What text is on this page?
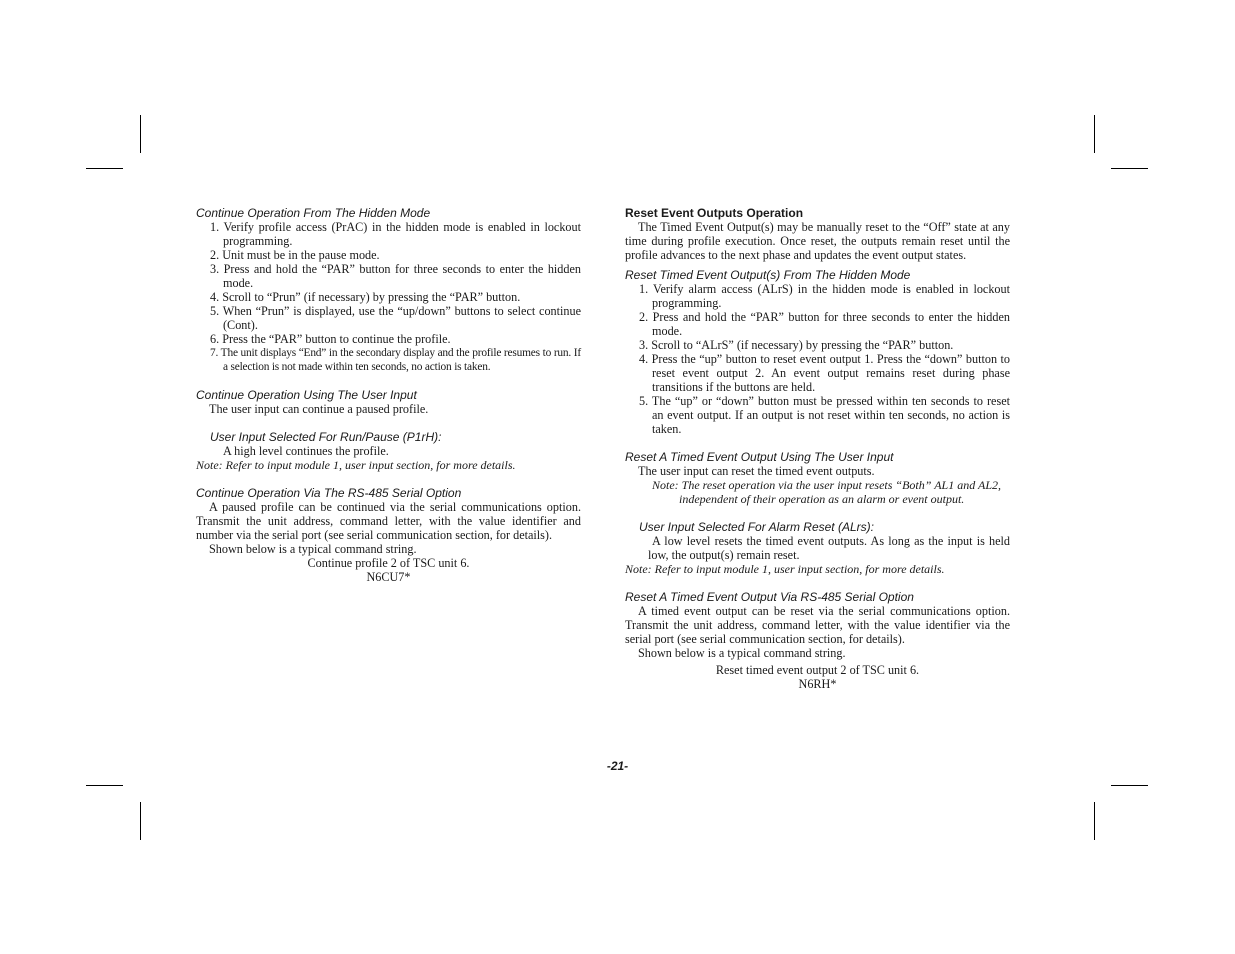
Continue Operation From The Hidden Mode

1. Verify profile access (PrAC) in the hidden mode is enabled in lockout programming.
2. Unit must be in the pause mode.
3. Press and hold the “PAR” button for three seconds to enter the hidden mode.
4. Scroll to “Prun” (if necessary) by pressing the “PAR” button.
5. When “Prun” is displayed, use the “up/down” buttons to select continue (Cont).
6. Press the “PAR” button to continue the profile.
7. The unit displays “End” in the secondary display and the profile resumes to run. If a selection is not made within ten seconds, no action is taken.

Continue Operation Using The User Input

The user input can continue a paused profile.

User Input Selected For Run/Pause (P1rH):

A high level continues the profile.

Note: Refer to input module 1, user input section, for more details.

Continue Operation Via The RS-485 Serial Option

A paused profile can be continued via the serial communications option. Transmit the unit address, command letter, with the value identifier and number via the serial port (see serial communication section, for details).

Shown below is a typical command string.

Continue profile 2 of TSC unit 6.

N6CU7*

Reset Event Outputs Operation

The Timed Event Output(s) may be manually reset to the “Off” state at any time during profile execution. Once reset, the outputs remain reset until the profile advances to the next phase and updates the event output states.

Reset Timed Event Output(s) From The Hidden Mode

1. Verify alarm access (ALrS) in the hidden mode is enabled in lockout programming.
2. Press and hold the “PAR” button for three seconds to enter the hidden mode.
3. Scroll to “ALrS” (if necessary) by pressing the “PAR” button.
4. Press the “up” button to reset event output 1. Press the “down” button to reset event output 2. An event output remains reset during phase transitions if the buttons are held.
5. The “up” or “down” button must be pressed within ten seconds to reset an event output. If an output is not reset within ten seconds, no action is taken.

Reset A Timed Event Output Using The User Input

The user input can reset the timed event outputs.

Note: The reset operation via the user input resets “Both” AL1 and AL2, independent of their operation as an alarm or event output.

User Input Selected For Alarm Reset (ALrs):

A low level resets the timed event outputs. As long as the input is held low, the output(s) remain reset.

Note: Refer to input module 1, user input section, for more details.

Reset A Timed Event Output Via RS-485 Serial Option

A timed event output can be reset via the serial communications option. Transmit the unit address, command letter, with the value identifier via the serial port (see serial communication section, for details).

Shown below is a typical command string.

Reset timed event output 2 of TSC unit 6.

N6RH*

-21-
